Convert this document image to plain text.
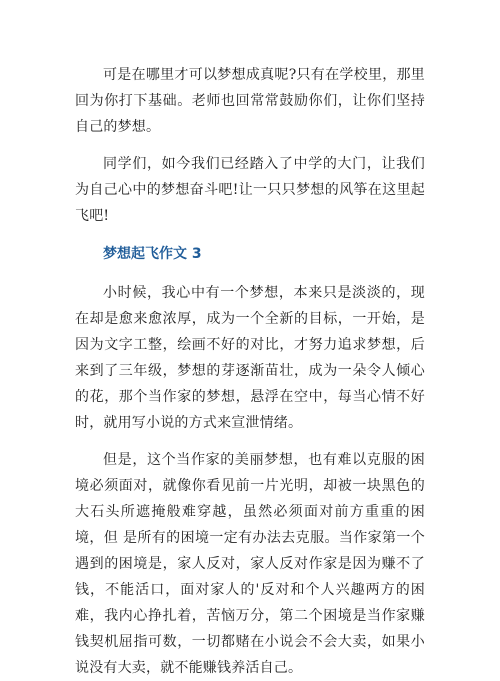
可是在哪里才可以梦想成真呢?只有在学校里，那里回为你打下基础。老师也回常常鼓励你们，让你们坚持自己的梦想。

同学们，如今我们已经踏入了中学的大门，让我们为自己心中的梦想奋斗吧!让一只只梦想的风筝在这里起飞吧!

梦想起飞作文 3

小时候，我心中有一个梦想，本来只是淡淡的，现在却是愈来愈浓厚，成为一个全新的目标，一开始，是因为文字工整，绘画不好的对比，才努力追求梦想，后来到了三年级，梦想的芽逐渐苗壮，成为一朵令人倾心的花，那个当作家的梦想，悬浮在空中，每当心情不好时，就用写小说的方式来宣泄情绪。

但是，这个当作家的美丽梦想，也有难以克服的困境必须面对，就像你看见前一片光明，却被一块黑色的大石头所遮掩般难穿越，虽然必须面对前方重重的困境，但 是所有的困境一定有办法去克服。当作家第一个遇到的困境是，家人反对，家人反对作家是因为赚不了钱，不能活口，面对家人的'反对和个人兴趣两方的困难，我内心挣扎着，苦恼万分，第二个困境是当作家赚钱契机屈指可数，一切都赌在小说会不会大卖，如果小说没有大卖，就不能赚钱养活自己。
